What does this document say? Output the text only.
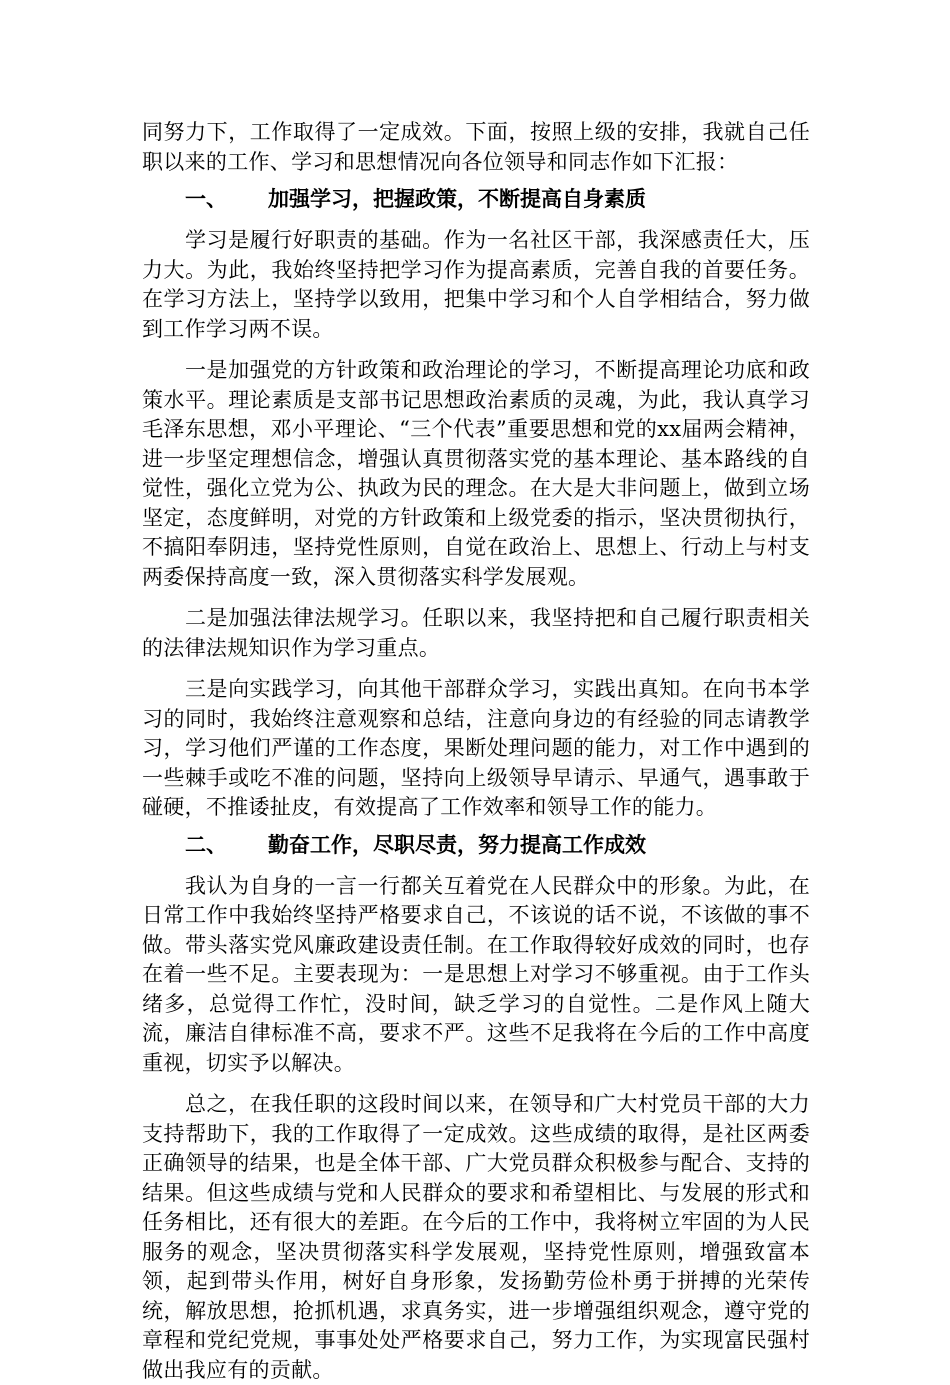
同努力下，工作取得了一定成效。下面，按照上级的安排，我就自己任职以来的工作、学习和思想情况向各位领导和同志作如下汇报：

一、 加强学习，把握政策，不断提高自身素质

学习是履行好职责的基础。作为一名社区干部，我深感责任大，压力大。为此，我始终坚持把学习作为提高素质，完善自我的首要任务。在学习方法上，坚持学以致用，把集中学习和个人自学相结合，努力做到工作学习两不误。

一是加强党的方针政策和政治理论的学习，不断提高理论功底和政策水平。理论素质是支部书记思想政治素质的灵魂，为此，我认真学习毛泽东思想，邓小平理论、“三个代表”重要思想和党的xx届两会精神，进一步坚定理想信念，增强认真贯彻落实党的基本理论、基本路线的自觉性，强化立党为公、执政为民的理念。在大是大非问题上，做到立场坚定，态度鲜明，对党的方针政策和上级党委的指示，坚决贯彻执行，不搞阳奉阴违，坚持党性原则，自觉在政治上、思想上、行动上与村支两委保持高度一致，深入贯彻落实科学发展观。

二是加强法律法规学习。任职以来，我坚持把和自己履行职责相关的法律法规知识作为学习重点。

三是向实践学习，向其他干部群众学习，实践出真知。在向书本学习的同时，我始终注意观察和总结，注意向身边的有经验的同志请教学习，学习他们严谨的工作态度，果断处理问题的能力，对工作中遇到的一些棘手或吃不准的问题，坚持向上级领导早请示、早通气，遇事敢于碰硬，不推诿扯皮，有效提高了工作效率和领导工作的能力。

二、 勤奋工作，尽职尽责，努力提高工作成效

我认为自身的一言一行都关互着党在人民群众中的形象。为此，在日常工作中我始终坚持严格要求自己，不该说的话不说，不该做的事不做。带头落实党风廉政建设责任制。在工作取得较好成效的同时，也存在着一些不足。主要表现为：一是思想上对学习不够重视。由于工作头绪多，总觉得工作忙，没时间，缺乏学习的自觉性。二是作风上随大流，廉洁自律标准不高，要求不严。这些不足我将在今后的工作中高度重视，切实予以解决。

总之，在我任职的这段时间以来，在领导和广大村党员干部的大力支持帮助下，我的工作取得了一定成效。这些成绩的取得，是社区两委正确领导的结果，也是全体干部、广大党员群众积极参与配合、支持的结果。但这些成绩与党和人民群众的要求和希望相比、与发展的形式和任务相比，还有很大的差距。在今后的工作中，我将树立牢固的为人民服务的观念，坚决贯彻落实科学发展观，坚持党性原则，增强致富本领，起到带头作用，树好自身形象，发扬勤劳俭朴勇于拼搏的光荣传统，解放思想，抢抓机遇，求真务实，进一步增强组织观念，遵守党的章程和党纪党规，事事处处严格要求自己，努力工作，为实现富民强村做出我应有的贡献。
